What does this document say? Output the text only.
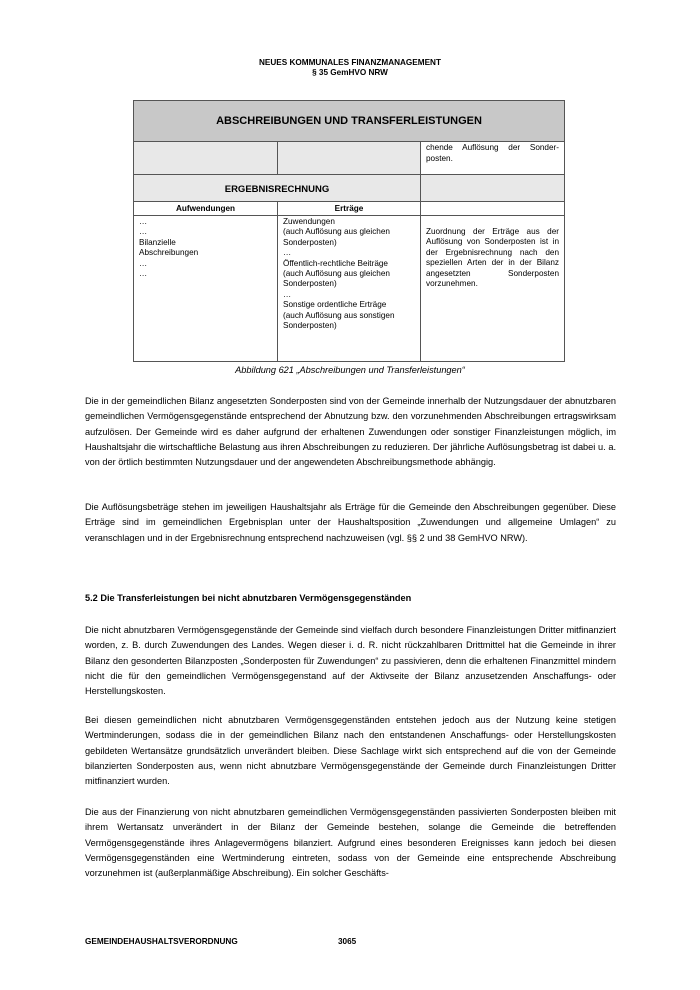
NEUES KOMMUNALES FINANZMANAGEMENT
§ 35 GemHVO NRW
ABSCHREIBUNGEN UND TRANSFERLEISTUNGEN
chende Auflösung der Sonder-posten.
ERGEBNISRECHNUNG
Aufwendungen	Erträge
…
…
Bilanzielle
Abschreibungen
…
…
Zuwendungen
(auch Auflösung aus gleichen
Sonderposten)
…
Öffentlich-rechtliche Beiträge
(auch Auflösung aus gleichen
Sonderposten)
…
Sonstige ordentliche Erträge
(auch Auflösung aus sonstigen
Sonderposten)
Zuordnung der Erträge aus der Auflösung von Sonderposten ist in der Ergebnisrechnung nach den speziellen Arten der in der Bilanz angesetzten Sonderposten vorzunehmen.
Abbildung 621 „Abschreibungen und Transferleistungen“

Die in der gemeindlichen Bilanz angesetzten Sonderposten sind von der Gemeinde innerhalb der Nutzungsdauer der abnutzbaren gemeindlichen Vermögensgegenstände entsprechend der Abnutzung bzw. den vorzunehmenden Abschreibungen ertragswirksam aufzulösen. Der Gemeinde wird es daher aufgrund der erhaltenen Zuwendungen oder sonstiger Finanzleistungen möglich, im Haushaltsjahr die wirtschaftliche Belastung aus ihren Abschreibungen zu reduzieren. Der jährliche Auflösungsbetrag ist dabei u. a. von der örtlich bestimmten Nutzungsdauer und der angewendeten Abschreibungsmethode abhängig.

Die Auflösungsbeträge stehen im jeweiligen Haushaltsjahr als Erträge für die Gemeinde den Abschreibungen gegenüber. Diese Erträge sind im gemeindlichen Ergebnisplan unter der Haushaltsposition „Zuwendungen und allgemeine Umlagen“ zu veranschlagen und in der Ergebnisrechnung entsprechend nachzuweisen (vgl. §§ 2 und 38 GemHVO NRW).

5.2 Die Transferleistungen bei nicht abnutzbaren Vermögensgegenständen

Die nicht abnutzbaren Vermögensgegenstände der Gemeinde sind vielfach durch besondere Finanzleistungen Dritter mitfinanziert worden, z. B. durch Zuwendungen des Landes. Wegen dieser i. d. R. nicht rückzahlbaren Drittmittel hat die Gemeinde in ihrer Bilanz den gesonderten Bilanzposten „Sonderposten für Zuwendungen“ zu passivieren, denn die erhaltenen Finanzmittel mindern nicht die für den gemeindlichen Vermögensgegenstand auf der Aktivseite der Bilanz anzusetzenden Anschaffungs- oder Herstellungskosten.

Bei diesen gemeindlichen nicht abnutzbaren Vermögensgegenständen entstehen jedoch aus der Nutzung keine stetigen Wertminderungen, sodass die in der gemeindlichen Bilanz nach den entstandenen Anschaffungs- oder Herstellungskosten gebildeten Wertansätze grundsätzlich unverändert bleiben. Diese Sachlage wirkt sich entsprechend auf die von der Gemeinde bilanzierten Sonderposten aus, wenn nicht abnutzbare Vermögensgegenstände der Gemeinde durch Finanzleistungen Dritter mitfinanziert wurden.

Die aus der Finanzierung von nicht abnutzbaren gemeindlichen Vermögensgegenständen passivierten Sonderposten bleiben mit ihrem Wertansatz unverändert in der Bilanz der Gemeinde bestehen, solange die Gemeinde die betreffenden Vermögensgegenstände ihres Anlagevermögens bilanziert. Aufgrund eines besonderen Ereignisses kann jedoch bei diesen Vermögensgegenständen eine Wertminderung eintreten, sodass von der Gemeinde eine entsprechende Abschreibung vorzunehmen ist (außerplanmäßige Abschreibung). Ein solcher Geschäfts-

GEMEINDEHAUSHALTSVERORDNUNG	3065
